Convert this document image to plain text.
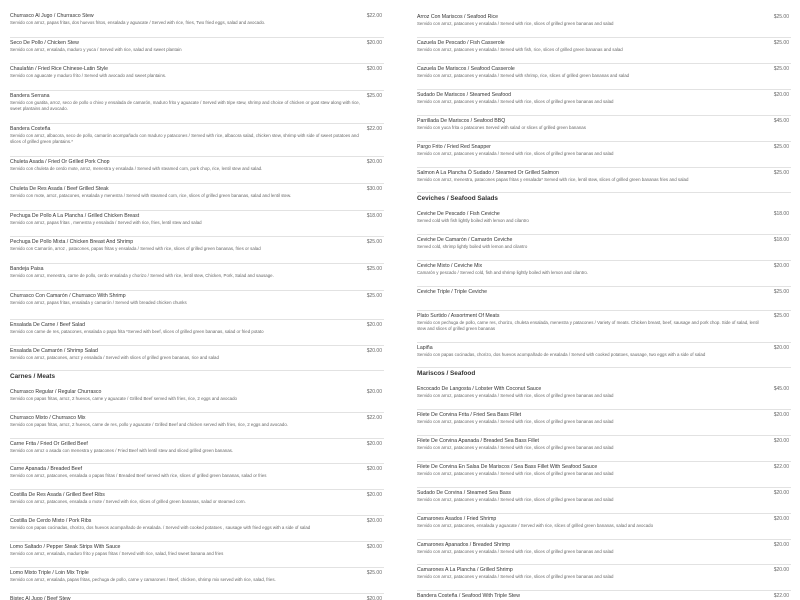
Churrasco Al Jugo / Churrasco Stew	$22.00
Servido con arroz, papas fritas, dos huevos fritos, ensalada y aguacate / Served with rice, fries, Two fried eggs, salad and avocado.
Seco De Pollo / Chicken Stew	$20.00
Servido con arroz, ensalada, maduro y yuca / Served with rice, salad and sweet plantain
Chaulafán / Fried Rice Chinese-Latin Style	$20.00
Servido con aguacate y maduro frito / Served with avocado and sweet plantains.
Bandera Serrana	$25.00
Servido con guatita, arroz, seco de pollo o chivo y ensalada de camarón, maduro frito y aguacate / Served with tripe stew, shrimp and choice of chicken or goat stew along with rice, sweet plantains and avocado.
Bandera Costeña	$22.00
Servido con arroz, albacora, seco de pollo, camarón acompañado con maduro y patacones / Served with rice, albacora salad, chicken stew, shrimp with side of sweet potatoes and slices of grilled green plantains.*
Chuleta Asada / Fried Or Grilled Pork Chop	$20.00
Servido con chuleta de cerdo mote, arroz, menestra y ensalada / Served with steamed corn, pork chop, rice, lentil stew and salad.
Chuleta De Res Asada / Beef Grilled Steak	$30.00
Servido con mote, arroz, patacones, ensalada y menestra / Served with steamed corn, rice, slices of grilled green bananas, salad and lentil stew.
Pechuga De Pollo A La Plancha / Grilled Chicken Breast	$18.00
Servido con arroz, papas fritas , menestra y ensalada / Served with rice, fries, lentil stew and salad
Pechuga De Pollo Mixta / Chicken Breast And Shrimp	$25.00
Servido con Camarón, arroz , patacones, papas fritas y ensalada / Served with rice, slices of grilled green bananas, fries or salad
Bandeja Paisa	$25.00
Servido con arroz, menestra, carne de pollo, cerdo ensalada y chorizo / Served with rice, lentil stew, Chicken, Pork, Salad and sausage.
Churrasco Con Camarón / Churrasco With Shrimp	$25.00
Servido con arroz, papas fritas, ensalada y camarón / Served with breaded chicken chunks
Ensalada De Carne / Beef Salad	$20.00
Servido con carne de res, patacones, ensalada o papa frita *Served with beef, slices of grilled green bananas, salad or fried potato
Ensalada De Camarón / Shrimp Salad	$20.00
Servido con arroz, patacones, arroz y ensalada / Served with slices of grilled green bananas, rice and salad
Carnes / Meats
Churrasco Regular / Regular Churrasco	$20.00
Servido con papas fritas, arroz, 2 huevos, carne y aguacate / Grilled Beef served with fries, rice, 2 eggs and avocado
Churrasco Mixto / Churrasco Mix	$22.00
Servido con papas fritas, arroz, 2 huevos, carne de res, pollo y aguacate / Grilled Beef and chicken served with fries, rice, 2 eggs and avocado.
Carne Frita / Fried Or Grilled Beef	$20.00
Servido con arroz o asada con menestra y patacones / Fried Beef with lentil stew and sliced grilled green bananas.
Carne Apanada / Breaded Beef	$20.00
Servido con arroz, patacones, ensalada o papas fritas / Breaded Beef served with rice, slices of grilled green bananas, salad or fries
Costilla De Res Asada / Grilled Beef Ribs	$20.00
Servido con arroz, patacones, ensalada o mote / Served with rice, slices of grilled green bananas, salad or steamed corn.
Costilla De Cerdo Mixto / Pork Ribs	$20.00
Servido con papas cocinadas, chorizo, dos huevos acompañado de ensalada. / Served with cooked potatoes , sausage with fried eggs with a side of salad
Lomo Saltado / Pepper Steak Strips With Sauce	$20.00
Servido con arroz, ensalada, maduro frito y papas fritas / Served with rice, salad, fried sweet banana and fries
Lomo Mixto Triple / Loin Mix Triple	$25.00
Servido con arroz, ensalada, papas fritas, pechuga de pollo, carne y camarones / Beef, chicken, shrimp mix served with rice, salad, fries.
Bistec Al Jugo / Beef Stew	$20.00
Arroz Con Mariscos / Seafood Rice	$25.00
Servido con arroz, patacones y ensalada / Served with rice, slices of grilled green bananas and salad
Cazuela De Pescado / Fish Casserole	$25.00
Servido con arroz, patacones y ensalada / Served with fish, rice, slices of grilled green bananas and salad
Cazuela De Mariscos / Seafood Casserole	$25.00
Servido con arroz, patacones y ensalada / Served with shrimp, rice, slices of grilled green bananas and salad
Sudado De Mariscos / Steamed Seafood	$20.00
Servido con arroz, patacones y ensalada / Served with rice, slices of grilled green bananas and salad
Parrillada De Mariscos / Seafood BBQ	$45.00
Servido con yuca frita o patacones Served with salad or slices of grilled green bananas
Pargo Frito / Fried Red Snapper	$25.00
Servido con arroz, patacones y ensalada / Served with rice, slices of grilled green bananas and salad
Salmon A La Plancha Ó Sudado / Steamed Or Grilled Salmon	$25.00
Servido con arroz, menestra, patacones papas fritas y ensalada* Served with rice, lentil stew, slices of grilled green bananas fries and salad
Ceviches / Seafood Salads
Ceviche De Pescado / Fish Ceviche	$18.00
Served cold with fish lightly boiled with lemon and cilantro
Ceviche De Camarón / Camarón Ceviche	$18.00
Served cold, shrimp lightly boiled with lemon and cilantro
Ceviche Mixto / Ceviche Mix	$20.00
Camarón y pescado / Served cold, fish and shrimp lightly boiled with lemon and cilantro.
Ceviche Triple / Triple Ceviche	$25.00
Plato Surtido / Assortment Of Meats	$25.00
Servido con pechuga de pollo, carne res, chorizo, chuleta ensalada, menestra y patacones / Variety of meats. Chicken breast, beef, sausage and pork chop. Side of salad, lentil stew and slices of grilled green bananas
Lapiña	$20.00
Servido con papas cocinadas, chorizo, dos huevos acompañado de ensalada / Served with cooked potatoes, sausage, two eggs with a side of salad
Mariscos / Seafood
Encocado De Langosta / Lobster With Coconut Sauce	$45.00
Servido con arroz, patacones y ensalada / Served with rice, slices of grilled green bananas and salad
Filete De Corvina Frita / Fried Sea Bass Fillet	$20.00
Servido con arroz, patacones y ensalada / Served with rice, slices of grilled green bananas and salad
Filete De Corvina Apanada / Breaded Sea Bass Fillet	$20.00
Servido con arroz, patacones y ensalada / Served with rice, slices of grilled green bananas and salad
Filete De Corvina En Salsa De Mariscos / Sea Bass Fillet With Seafood Sauce	$22.00
Servido con arroz, patacones y ensalada / Served with rice, slices of grilled green bananas and salad
Sudado De Corvina / Steamed Sea Bass	$20.00
Servido con arroz, patacones y ensalada / Served with rice, slices of grilled green bananas and salad
Camarones Asados / Fried Shrimp	$20.00
Servido con arroz, patacones, ensalada y aguacate / Served with rice, slices of grilled green bananas, salad and avocado
Camarones Apanados / Breaded Shrimp	$20.00
Servido con arroz, patacones y ensalada / Served with rice, slices of grilled green bananas and salad
Camarones A La Plancha / Grilled Shrimp	$20.00
Servido con arroz, patacones y ensalada / Served with rice, slices of grilled green bananas and salad
Bandera Costeña / Seafood With Triple Stew	$22.00
